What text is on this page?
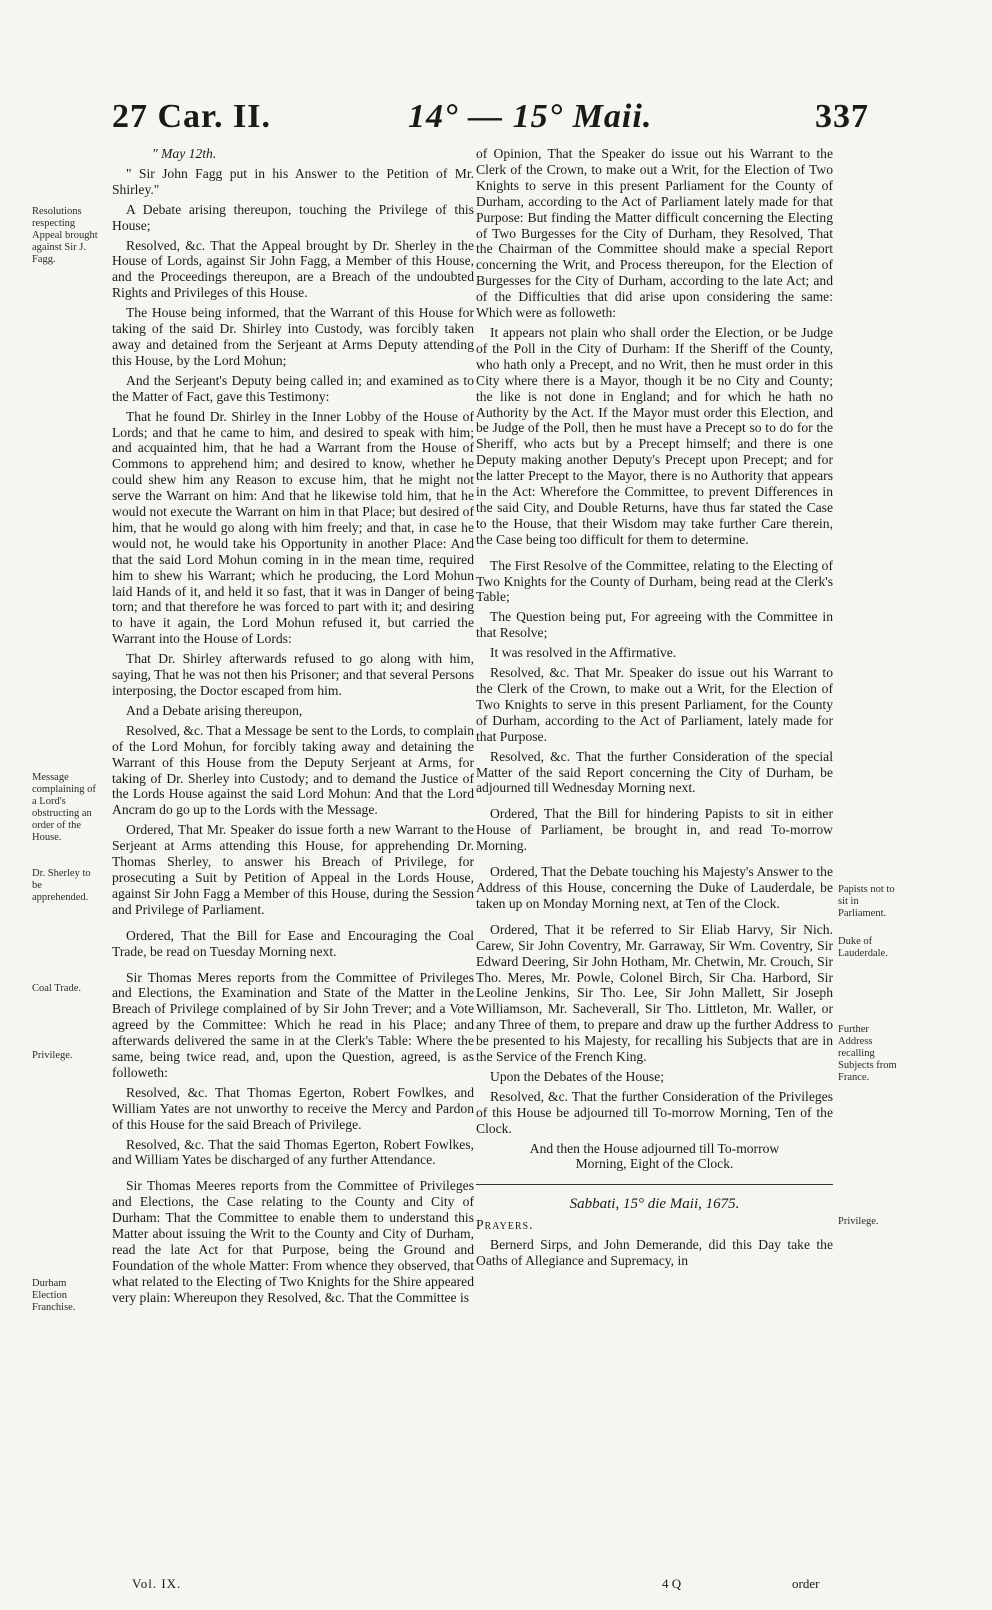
27 Car. II.	14° — 15° Maii.	337
Resolutions respecting Appeal brought against Sir J. Fagg.
Message complaining of a Lord's obstructing an order of the House.
Dr. Sherley to be apprehended.
Coal Trade.
Privilege.
Durham Election Franchise.

" May 12th.

" Sir John Fagg put in his Answer to the Petition of Mr. Shirley."

A Debate arising thereupon, touching the Privilege of this House;

Resolved, &c. That the Appeal brought by Dr. Sherley in the House of Lords, against Sir John Fagg, a Member of this House, and the Proceedings thereupon, are a Breach of the undoubted Rights and Privileges of this House.

The House being informed, that the Warrant of this House for taking of the said Dr. Shirley into Custody, was forcibly taken away and detained from the Serjeant at Arms Deputy attending this House, by the Lord Mohun;

And the Serjeant's Deputy being called in; and examined as to the Matter of Fact, gave this Testimony:

That he found Dr. Shirley in the Inner Lobby of the House of Lords; and that he came to him, and desired to speak with him; and acquainted him, that he had a Warrant from the House of Commons to apprehend him; and desired to know, whether he could shew him any Reason to excuse him, that he might not serve the Warrant on him: And that he likewise told him, that he would not execute the Warrant on him in that Place; but desired of him, that he would go along with him freely; and that, in case he would not, he would take his Opportunity in another Place: And that the said Lord Mohun coming in in the mean time, required him to shew his Warrant; which he producing, the Lord Mohun laid Hands of it, and held it so fast, that it was in Danger of being torn; and that therefore he was forced to part with it; and desiring to have it again, the Lord Mohun refused it, but carried the Warrant into the House of Lords:

That Dr. Shirley afterwards refused to go along with him, saying, That he was not then his Prisoner; and that several Persons interposing, the Doctor escaped from him.

And a Debate arising thereupon,

Resolved, &c. That a Message be sent to the Lords, to complain of the Lord Mohun, for forcibly taking away and detaining the Warrant of this House from the Deputy Serjeant at Arms, for taking of Dr. Sherley into Custody; and to demand the Justice of the Lords House against the said Lord Mohun: And that the Lord Ancram do go up to the Lords with the Message.

Ordered, That Mr. Speaker do issue forth a new Warrant to the Serjeant at Arms attending this House, for apprehending Dr. Thomas Sherley, to answer his Breach of Privilege, for prosecuting a Suit by Petition of Appeal in the Lords House, against Sir John Fagg a Member of this House, during the Session and Privilege of Parliament.

Ordered, That the Bill for Ease and Encouraging the Coal Trade, be read on Tuesday Morning next.

Sir Thomas Meres reports from the Committee of Privileges and Elections, the Examination and State of the Matter in the Breach of Privilege complained of by Sir John Trever; and a Vote agreed by the Committee: Which he read in his Place; and afterwards delivered the same in at the Clerk's Table: Where the same, being twice read, and, upon the Question, agreed, is as followeth:

Resolved, &c. That Thomas Egerton, Robert Fowlkes, and William Yates are not unworthy to receive the Mercy and Pardon of this House for the said Breach of Privilege.

Resolved, &c. That the said Thomas Egerton, Robert Fowlkes, and William Yates be discharged of any further Attendance.

Sir Thomas Meeres reports from the Committee of Privileges and Elections, the Case relating to the County and City of Durham: That the Committee to enable them to understand this Matter about issuing the Writ to the County and City of Durham, read the late Act for that Purpose, being the Ground and Foundation of the whole Matter: From whence they observed, that what related to the Electing of Two Knights for the Shire appeared very plain: Whereupon they Resolved, &c. That the Committee is

of Opinion, That the Speaker do issue out his Warrant to the Clerk of the Crown, to make out a Writ, for the Election of Two Knights to serve in this present Parliament for the County of Durham, according to the Act of Parliament lately made for that Purpose: But finding the Matter difficult concerning the Electing of Two Burgesses for the City of Durham, they Resolved, That the Chairman of the Committee should make a special Report concerning the Writ, and Process thereupon, for the Election of Burgesses for the City of Durham, according to the late Act; and of the Difficulties that did arise upon considering the same: Which were as followeth:

It appears not plain who shall order the Election, or be Judge of the Poll in the City of Durham: If the Sheriff of the County, who hath only a Precept, and no Writ, then he must order in this City where there is a Mayor, though it be no City and County; the like is not done in England; and for which he hath no Authority by the Act. If the Mayor must order this Election, and be Judge of the Poll, then he must have a Precept so to do for the Sheriff, who acts but by a Precept himself; and there is one Deputy making another Deputy's Precept upon Precept; and for the latter Precept to the Mayor, there is no Authority that appears in the Act: Wherefore the Committee, to prevent Differences in the said City, and Double Returns, have thus far stated the Case to the House, that their Wisdom may take further Care therein, the Case being too difficult for them to determine.

The First Resolve of the Committee, relating to the Electing of Two Knights for the County of Durham, being read at the Clerk's Table;

The Question being put, For agreeing with the Committee in that Resolve;

It was resolved in the Affirmative.

Resolved, &c. That Mr. Speaker do issue out his Warrant to the Clerk of the Crown, to make out a Writ, for the Election of Two Knights to serve in this present Parliament, for the County of Durham, according to the Act of Parliament, lately made for that Purpose.

Resolved, &c. That the further Consideration of the special Matter of the said Report concerning the City of Durham, be adjourned till Wednesday Morning next.

Ordered, That the Bill for hindering Papists to sit in either House of Parliament, be brought in, and read To-morrow Morning.

Ordered, That the Debate touching his Majesty's Answer to the Address of this House, concerning the Duke of Lauderdale, be taken up on Monday Morning next, at Ten of the Clock.

Ordered, That it be referred to Sir Eliab Harvy, Sir Nich. Carew, Sir John Coventry, Mr. Garraway, Sir Wm. Coventry, Sir Edward Deering, Sir John Hotham, Mr. Chetwin, Mr. Crouch, Sir Tho. Meres, Mr. Powle, Colonel Birch, Sir Cha. Harbord, Sir Leoline Jenkins, Sir Tho. Lee, Sir John Mallett, Sir Joseph Williamson, Mr. Sacheverall, Sir Tho. Littleton, Mr. Waller, or any Three of them, to prepare and draw up the further Address to be presented to his Majesty, for recalling his Subjects that are in the Service of the French King.

Upon the Debates of the House;

Resolved, &c. That the further Consideration of the Privileges of this House be adjourned till To-morrow Morning, Ten of the Clock.

And then the House adjourned till To-morrow Morning, Eight of the Clock.

Sabbati, 15° die Maii, 1675.

Prayers.

Bernerd Sirps, and John Demerande, did this Day take the Oaths of Allegiance and Supremacy, in

Papists not to sit in Parliament.
Duke of Lauderdale.
Further Address recalling Subjects from France.
Privilege.
Vol. IX.	4 Q	order
